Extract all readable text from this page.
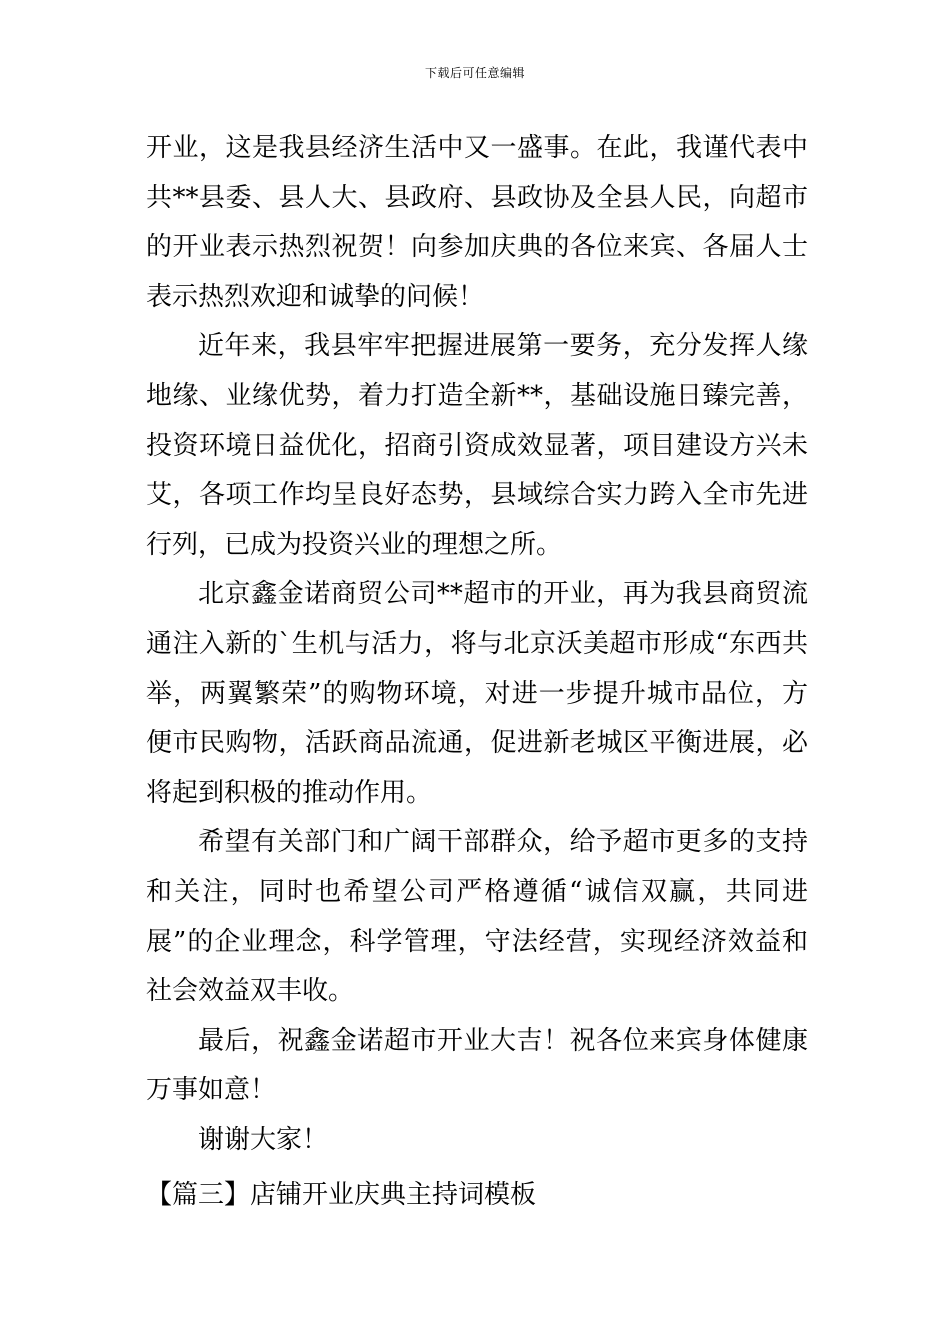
下载后可任意编辑

开业，这是我县经济生活中又一盛事。在此，我谨代表中共**县委、县人大、县政府、县政协及全县人民，向超市的开业表示热烈祝贺！向参加庆典的各位来宾、各届人士表示热烈欢迎和诚挚的问候！

近年来，我县牢牢把握进展第一要务，充分发挥人缘地缘、业缘优势，着力打造全新**，基础设施日臻完善，投资环境日益优化，招商引资成效显著，项目建设方兴未艾，各项工作均呈良好态势，县域综合实力跨入全市先进行列，已成为投资兴业的理想之所。

北京鑫金诺商贸公司**超市的开业，再为我县商贸流通注入新的`生机与活力，将与北京沃美超市形成“东西共举，两翼繁荣”的购物环境，对进一步提升城市品位，方便市民购物，活跃商品流通，促进新老城区平衡进展，必将起到积极的推动作用。

希望有关部门和广阔干部群众，给予超市更多的支持和关注，同时也希望公司严格遵循“诚信双赢，共同进展”的企业理念，科学管理，守法经营，实现经济效益和社会效益双丰收。

最后，祝鑫金诺超市开业大吉！祝各位来宾身体健康万事如意！

谢谢大家！

【篇三】店铺开业庆典主持词模板
